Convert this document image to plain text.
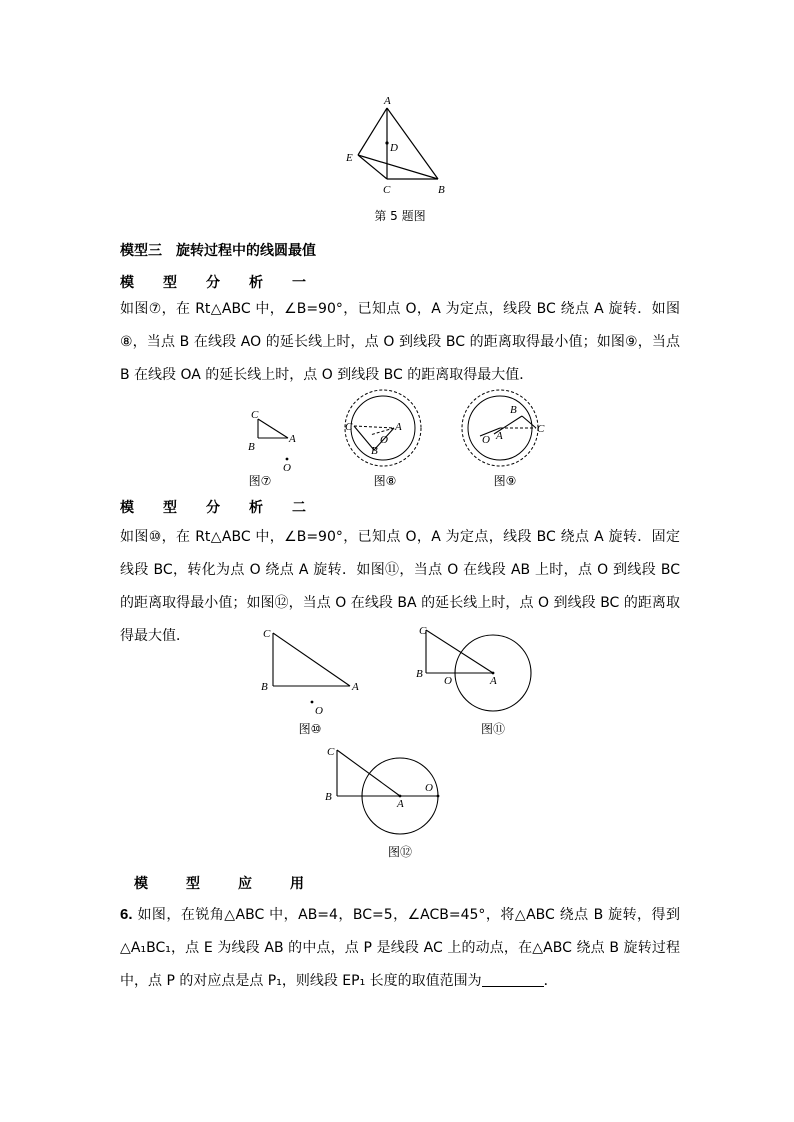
A
D
E
C	B
第 5 题图
模型三　旋转过程中的线圆最值
模型分析一
如图⑦，在 Rt△ABC 中，∠B=90°，已知点 O，A 为定点，线段 BC 绕点 A 旋转．如图⑧，当点 B 在线段 AO 的延长线上时，点 O 到线段 BC 的距离取得最小值；如图⑨，当点 B 在线段 OA 的延长线上时，点 O 到线段 BC 的距离取得最大值．
C
B
A
O
图⑦
C	A
O
B
图⑧
B
C
O A
图⑨
模型分析二
如图⑩，在 Rt△ABC 中，∠B=90°，已知点 O，A 为定点，线段 BC 绕点 A 旋转．固定线段 BC，转化为点 O 绕点 A 旋转．如图⑪，当点 O 在线段 AB 上时，点 O 到线段 BC 的距离取得最小值；如图⑫，当点 O 在线段 BA 的延长线上时，点 O 到线段 BC 的距离取得最大值．	C
B	A
O
图⑩
C
B
O	A
图⑪
C
B
A
O
图⑫
模型应用
6. 如图，在锐角△ABC 中，AB=4，BC=5，∠ACB=45°，将△ABC 绕点 B 旋转，得到△A₁BC₁，点 E 为线段 AB 的中点，点 P 是线段 AC 上的动点，在△ABC 绕点 B 旋转过程中，点 P 的对应点是点 P₁，则线段 EP₁ 长度的取值范围为	．
